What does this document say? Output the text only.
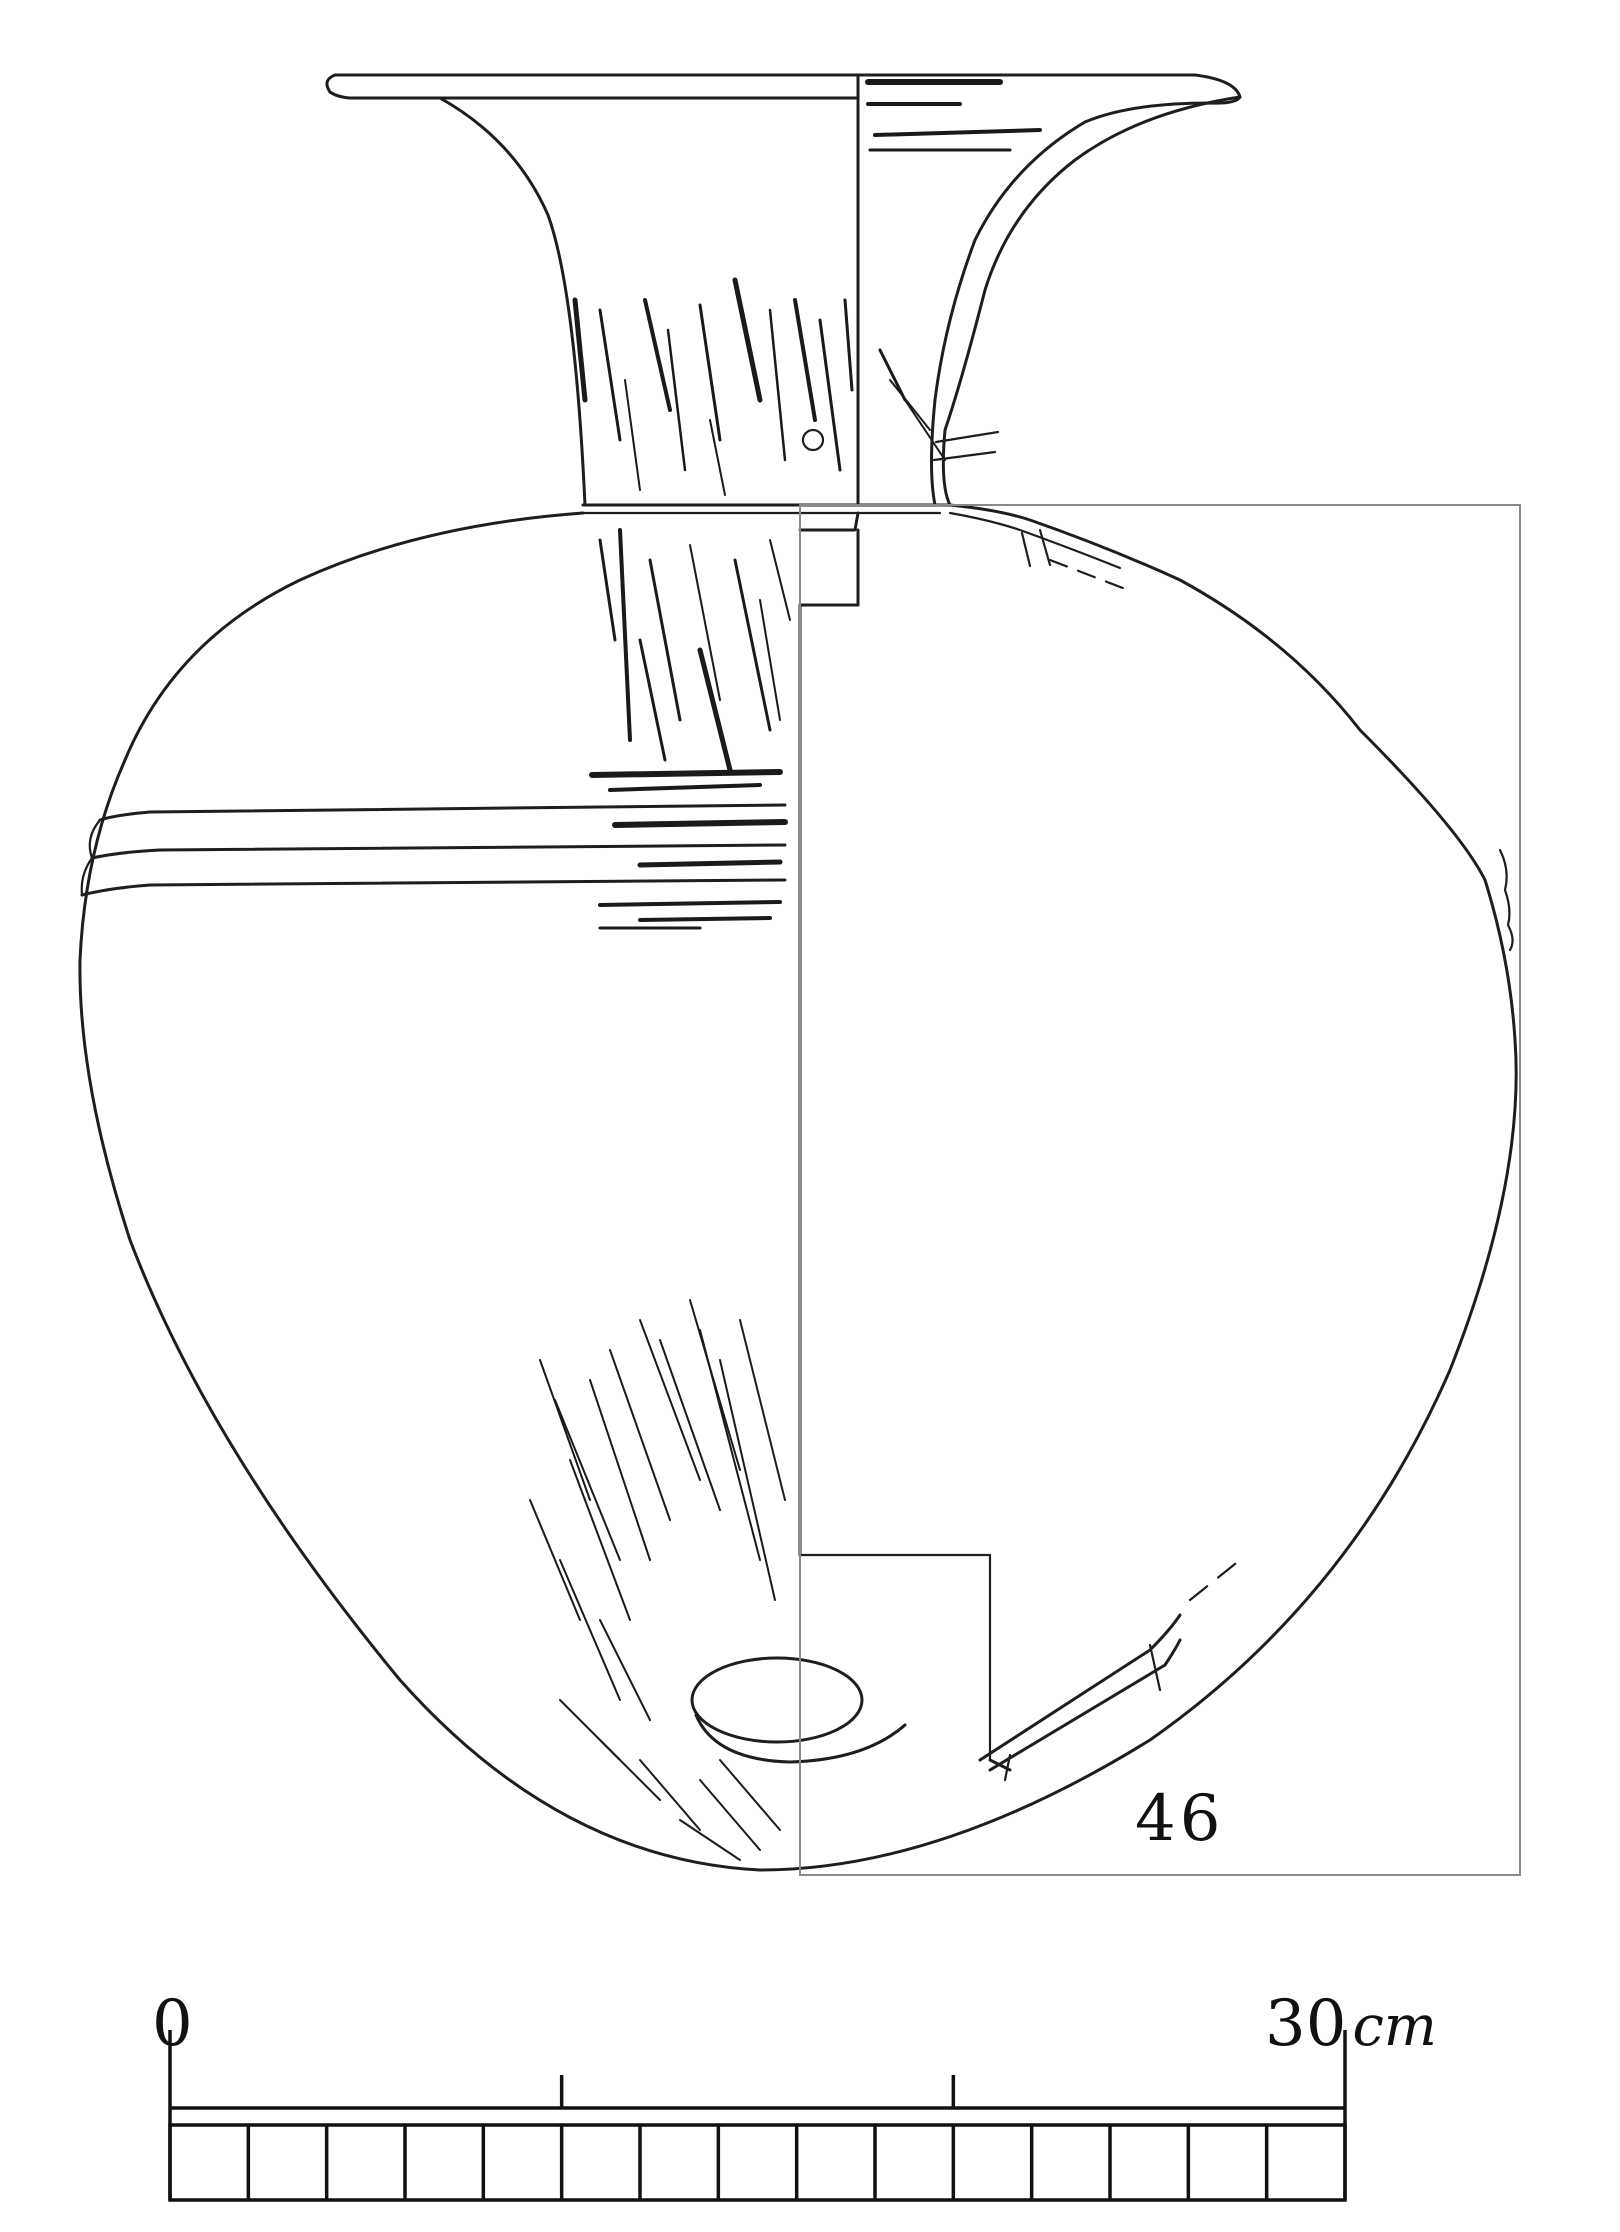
46
0	30 cm
